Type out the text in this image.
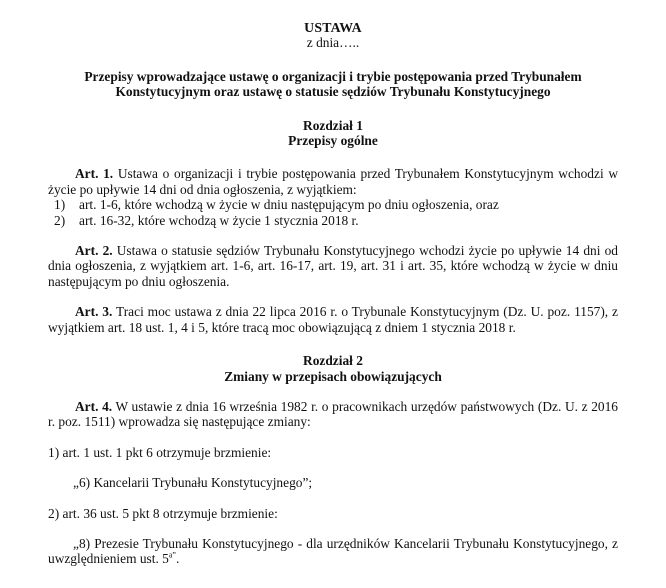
USTAWA

z dnia…..

Przepisy wprowadzające ustawę o organizacji i trybie postępowania przed Trybunałem

Konstytucyjnym oraz ustawę o statusie sędziów Trybunału Konstytucyjnego

Rozdział 1

Przepisy ogólne

Art. 1. Ustawa o organizacji i trybie postępowania przed Trybunałem Konstytucyjnym wchodzi w życie po upływie 14 dni od dnia ogłoszenia, z wyjątkiem:

1) art. 1-6, które wchodzą w życie w dniu następującym po dniu ogłoszenia, oraz
2) art. 16-32, które wchodzą w życie 1 stycznia 2018 r.

Art. 2. Ustawa o statusie sędziów Trybunału Konstytucyjnego wchodzi życie po upływie 14 dni od dnia ogłoszenia, z wyjątkiem art. 1-6, art. 16-17, art. 19, art. 31 i art. 35, które wchodzą w życie w dniu następującym po dniu ogłoszenia.

Art. 3. Traci moc ustawa z dnia 22 lipca 2016 r. o Trybunale Konstytucyjnym (Dz. U. poz. 1157), z wyjątkiem art. 18 ust. 1, 4 i 5, które tracą moc obowiązującą z dniem 1 stycznia 2018 r.

Rozdział 2

Zmiany w przepisach obowiązujących

Art. 4. W ustawie z dnia 16 września 1982 r. o pracownikach urzędów państwowych (Dz. U. z 2016 r. poz. 1511) wprowadza się następujące zmiany:

1) art. 1 ust. 1 pkt 6 otrzymuje brzmienie:

„6) Kancelarii Trybunału Konstytucyjnego”;

2) art. 36 ust. 5 pkt 8 otrzymuje brzmienie:

„8) Prezesie Trybunału Konstytucyjnego - dla urzędników Kancelarii Trybunału Konstytucyjnego, z uwzględnieniem ust. 5$^{a”}$.
